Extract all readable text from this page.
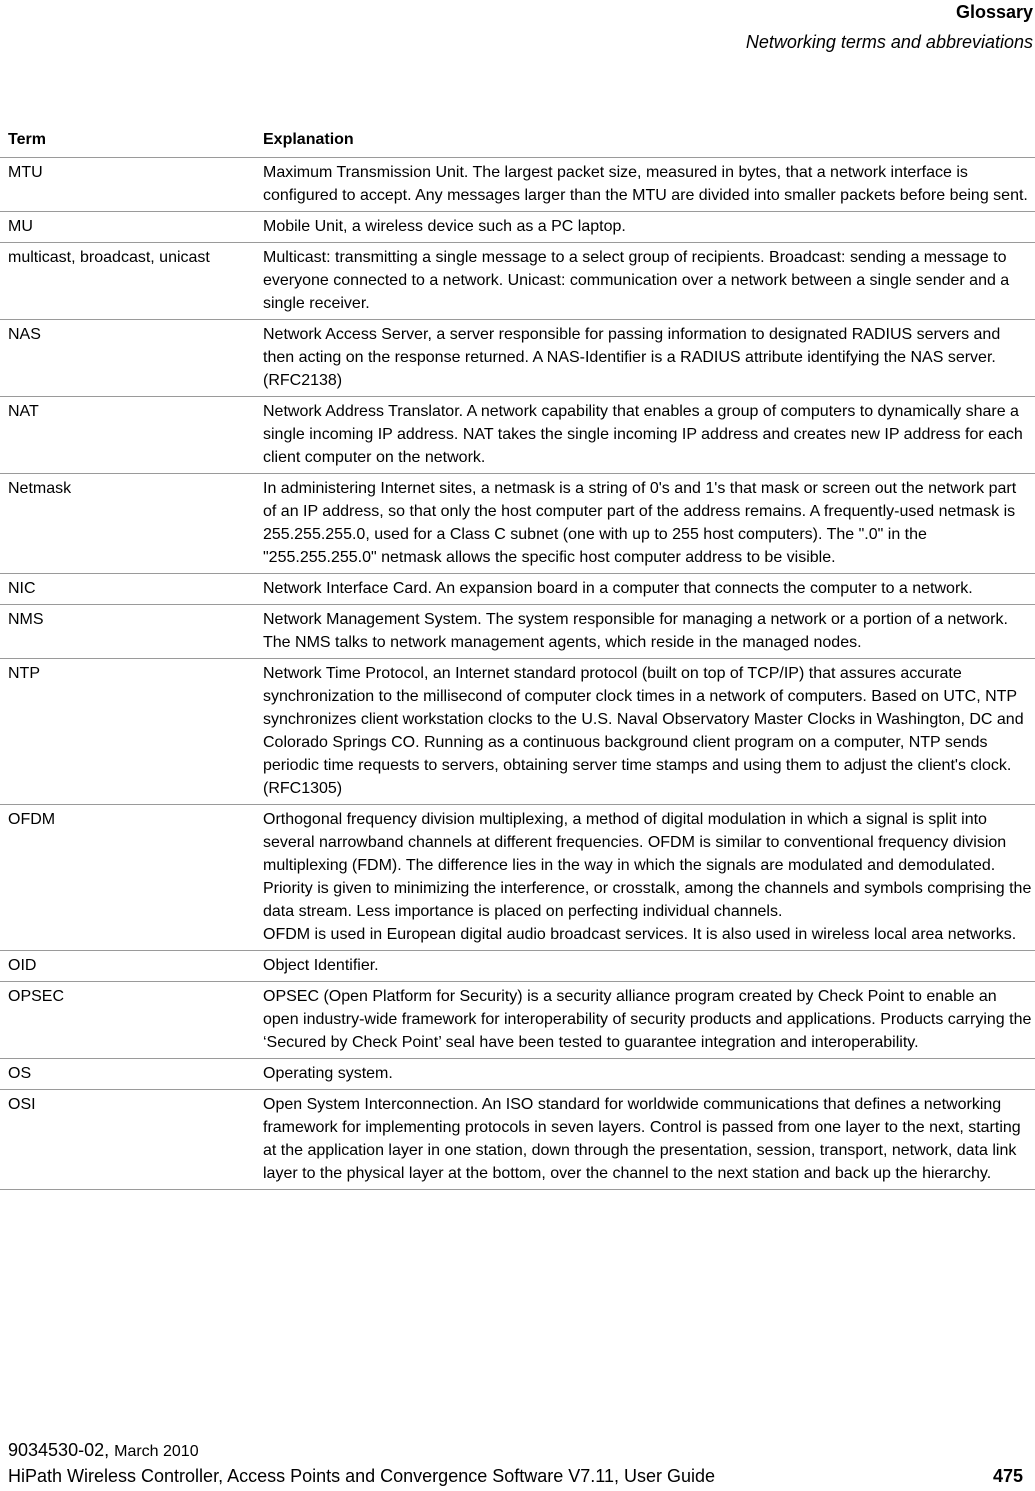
Glossary
Networking terms and abbreviations
Term	Explanation
MTU	Maximum Transmission Unit. The largest packet size, measured in bytes, that a network interface is configured to accept. Any messages larger than the MTU are divided into smaller packets before being sent.

MU	Mobile Unit, a wireless device such as a PC laptop.

multicast, broadcast, unicast	Multicast: transmitting a single message to a select group of recipients. Broadcast: sending a message to everyone connected to a network. Unicast: communication over a network between a single sender and a single receiver.

NAS	Network Access Server, a server responsible for passing information to designated RADIUS servers and then acting on the response returned. A NAS-Identifier is a RADIUS attribute identifying the NAS server. (RFC2138)

NAT	Network Address Translator. A network capability that enables a group of computers to dynamically share a single incoming IP address. NAT takes the single incoming IP address and creates new IP address for each client computer on the network.

Netmask	In administering Internet sites, a netmask is a string of 0's and 1's that mask or screen out the network part of an IP address, so that only the host computer part of the address remains. A frequently-used netmask is 255.255.255.0, used for a Class C subnet (one with up to 255 host computers). The ".0" in the "255.255.255.0" netmask allows the specific host computer address to be visible.

NIC	Network Interface Card. An expansion board in a computer that connects the computer to a network.

NMS	Network Management System. The system responsible for managing a network or a portion of a network. The NMS talks to network management agents, which reside in the managed nodes.

NTP	Network Time Protocol, an Internet standard protocol (built on top of TCP/IP) that assures accurate synchronization to the millisecond of computer clock times in a network of computers. Based on UTC, NTP synchronizes client workstation clocks to the U.S. Naval Observatory Master Clocks in Washington, DC and Colorado Springs CO. Running as a continuous background client program on a computer, NTP sends periodic time requests to servers, obtaining server time stamps and using them to adjust the client's clock. (RFC1305)

OFDM	Orthogonal frequency division multiplexing, a method of digital modulation in which a signal is split into several narrowband channels at different frequencies. OFDM is similar to conventional frequency division multiplexing (FDM). The difference lies in the way in which the signals are modulated and demodulated. Priority is given to minimizing the interference, or crosstalk, among the channels and symbols comprising the data stream. Less importance is placed on perfecting individual channels.
OFDM is used in European digital audio broadcast services. It is also used in wireless local area networks.

OID	Object Identifier.

OPSEC	OPSEC (Open Platform for Security) is a security alliance program created by Check Point to enable an open industry-wide framework for interoperability of security products and applications. Products carrying the ‘Secured by Check Point’ seal have been tested to guarantee integration and interoperability.

OS	Operating system.

OSI	Open System Interconnection. An ISO standard for worldwide communications that defines a networking framework for implementing protocols in seven layers. Control is passed from one layer to the next, starting at the application layer in one station, down through the presentation, session, transport, network, data link layer to the physical layer at the bottom, over the channel to the next station and back up the hierarchy.
9034530-02, March 2010
HiPath Wireless Controller, Access Points and Convergence Software V7.11, User Guide	475
